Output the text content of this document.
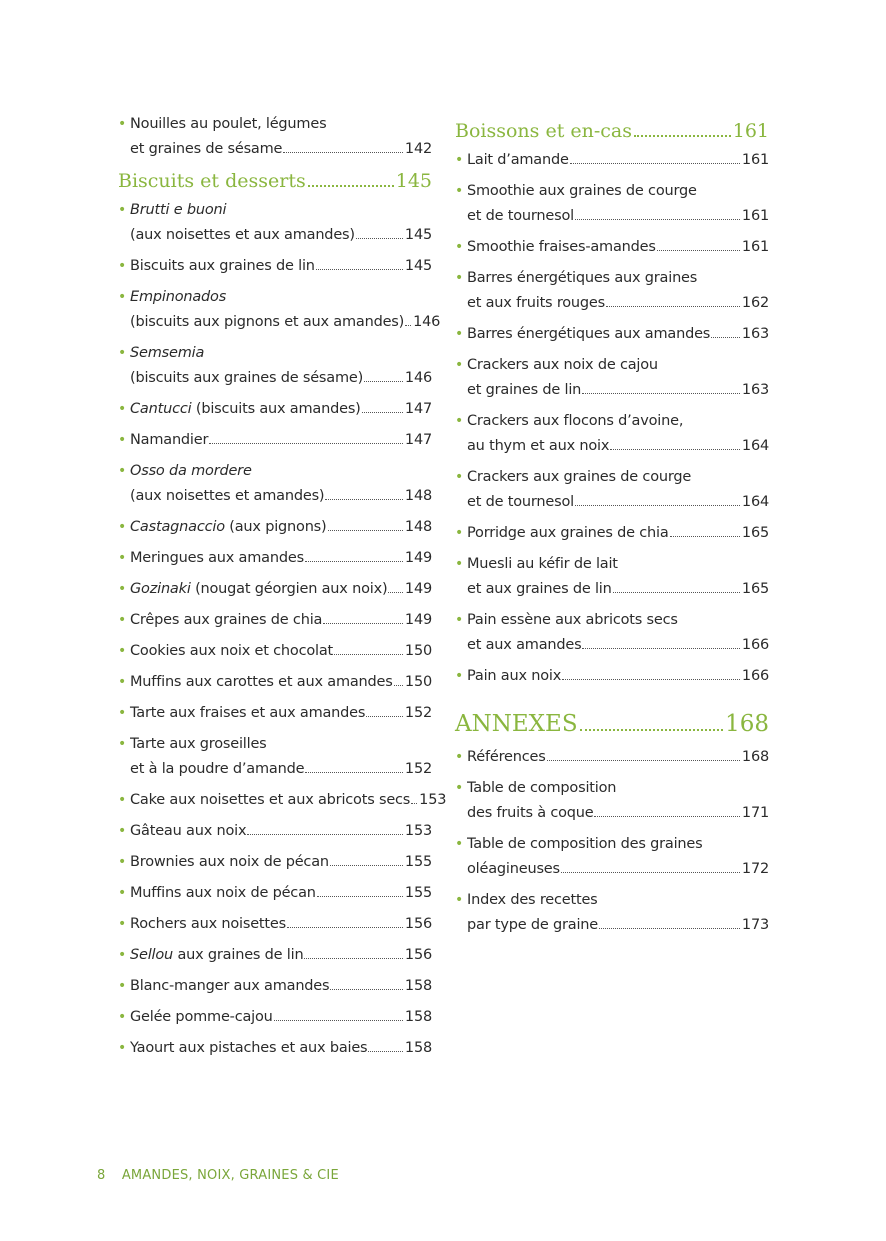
• Nouilles au poulet, légumes
et graines de sésame	142
Biscuits et desserts	145
• Brutti e buoni
(aux noisettes et aux amandes)	145
• Biscuits aux graines de lin	145
• Empinonados
(biscuits aux pignons et aux amandes) 146
• Semsemia
(biscuits aux graines de sésame)	146
• Cantucci (biscuits aux amandes)	147
• Namandier	147
• Osso da mordere
(aux noisettes et amandes)	148
• Castagnaccio (aux pignons)	148
• Meringues aux amandes	149
• Gozinaki (nougat géorgien aux noix) 149
• Crêpes aux graines de chia	149
• Cookies aux noix et chocolat	150
• Muffins aux carottes et aux amandes 150
• Tarte aux fraises et aux amandes	152
• Tarte aux groseilles
et à la poudre d’amande	152
• Cake aux noisettes et aux abricots secs 153
• Gâteau aux noix	153
• Brownies aux noix de pécan	155
• Muffins aux noix de pécan	155
• Rochers aux noisettes	156
• Sellou aux graines de lin	156
• Blanc-manger aux amandes	158
• Gelée pomme-cajou	158
• Yaourt aux pistaches et aux baies	158
Boissons et en-cas	161
• Lait d’amande	161
• Smoothie aux graines de courge
et de tournesol	161
• Smoothie fraises-amandes	161
• Barres énergétiques aux graines
et aux fruits rouges	162
• Barres énergétiques aux amandes 163
• Crackers aux noix de cajou
et graines de lin	163
• Crackers aux flocons d’avoine,
au thym et aux noix	164
• Crackers aux graines de courge
et de tournesol	164
• Porridge aux graines de chia	165
• Muesli au kéfir de lait
et aux graines de lin	165
• Pain essène aux abricots secs
et aux amandes	166
• Pain aux noix	166
ANNEXES	168
• Références	168
• Table de composition
des fruits à coque	171
• Table de composition des graines
oléagineuses	172
• Index des recettes
par type de graine	173
8 AMANDES, NOIX, GRAINES & CIE
